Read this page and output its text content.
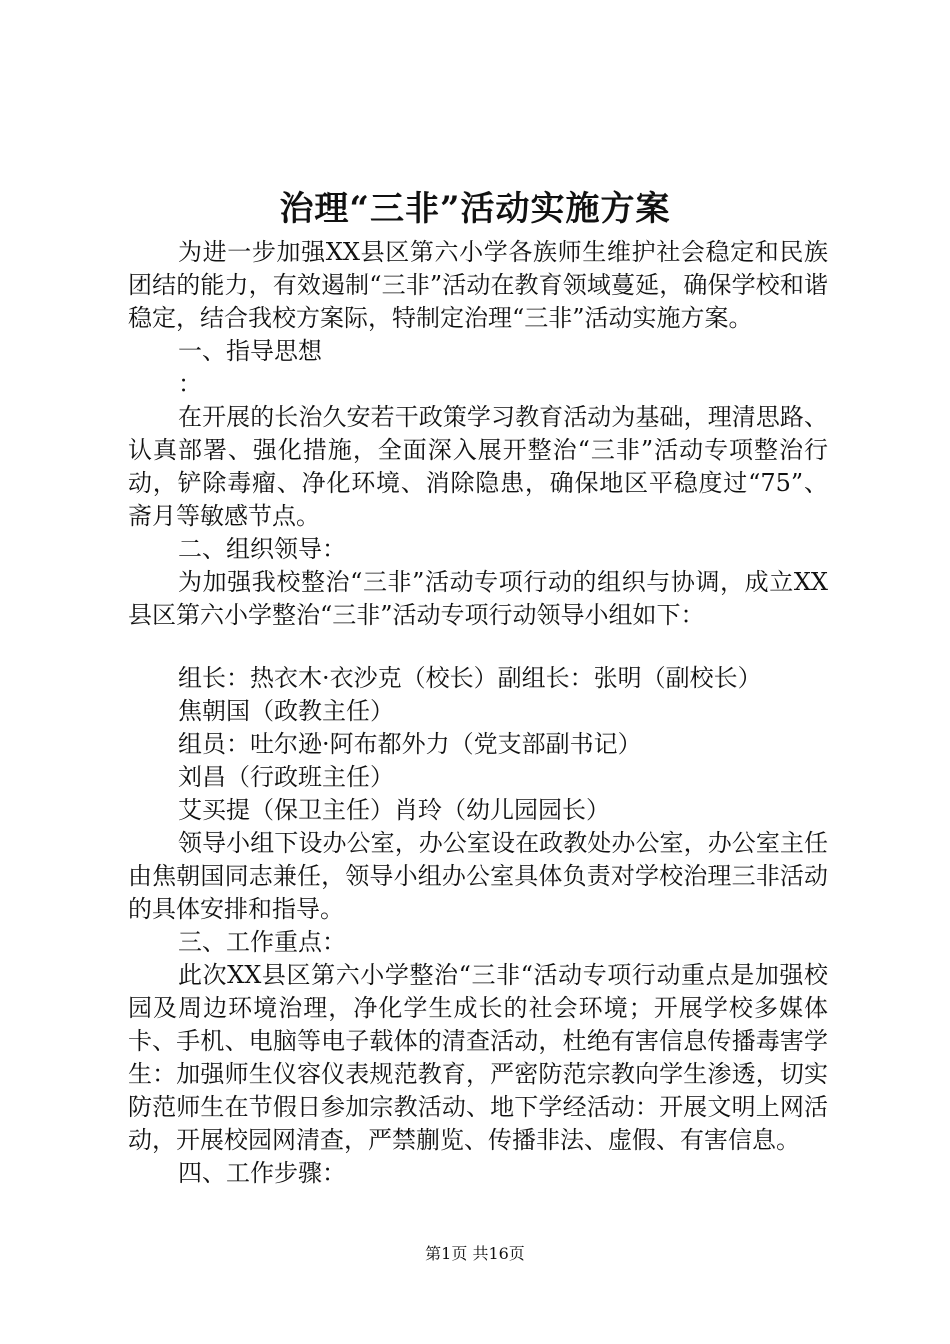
治理“三非”活动实施方案

为进一步加强XX县区第六小学各族师生维护社会稳定和民族团结的能力，有效遏制“三非”活动在教育领域蔓延，确保学校和谐稳定，结合我校方案际，特制定治理“三非”活动实施方案。

一、指导思想

：

在开展的长治久安若干政策学习教育活动为基础，理清思路、认真部署、强化措施，全面深入展开整治“三非”活动专项整治行动，铲除毒瘤、净化环境、消除隐患，确保地区平稳度过“75”、斋月等敏感节点。

二、组织领导：

为加强我校整治“三非”活动专项行动的组织与协调，成立XX县区第六小学整治“三非”活动专项行动领导小组如下：

组长：热衣木·衣沙克（校长）副组长：张明（副校长）

焦朝国（政教主任）

组员：吐尔逊·阿布都外力（党支部副书记）

刘昌（行政班主任）

艾买提（保卫主任）肖玲（幼儿园园长）

领导小组下设办公室，办公室设在政教处办公室，办公室主任由焦朝国同志兼任，领导小组办公室具体负责对学校治理三非活动的具体安排和指导。

三、工作重点：

此次XX县区第六小学整治“三非“活动专项行动重点是加强校园及周边环境治理，净化学生成长的社会环境；开展学校多媒体卡、手机、电脑等电子载体的清查活动，杜绝有害信息传播毒害学生：加强师生仪容仪表规范教育，严密防范宗教向学生渗透，切实防范师生在节假日参加宗教活动、地下学经活动：开展文明上网活动，开展校园网清查，严禁蒯览、传播非法、虚假、有害信息。

四、工作步骤：

第1页 共16页
